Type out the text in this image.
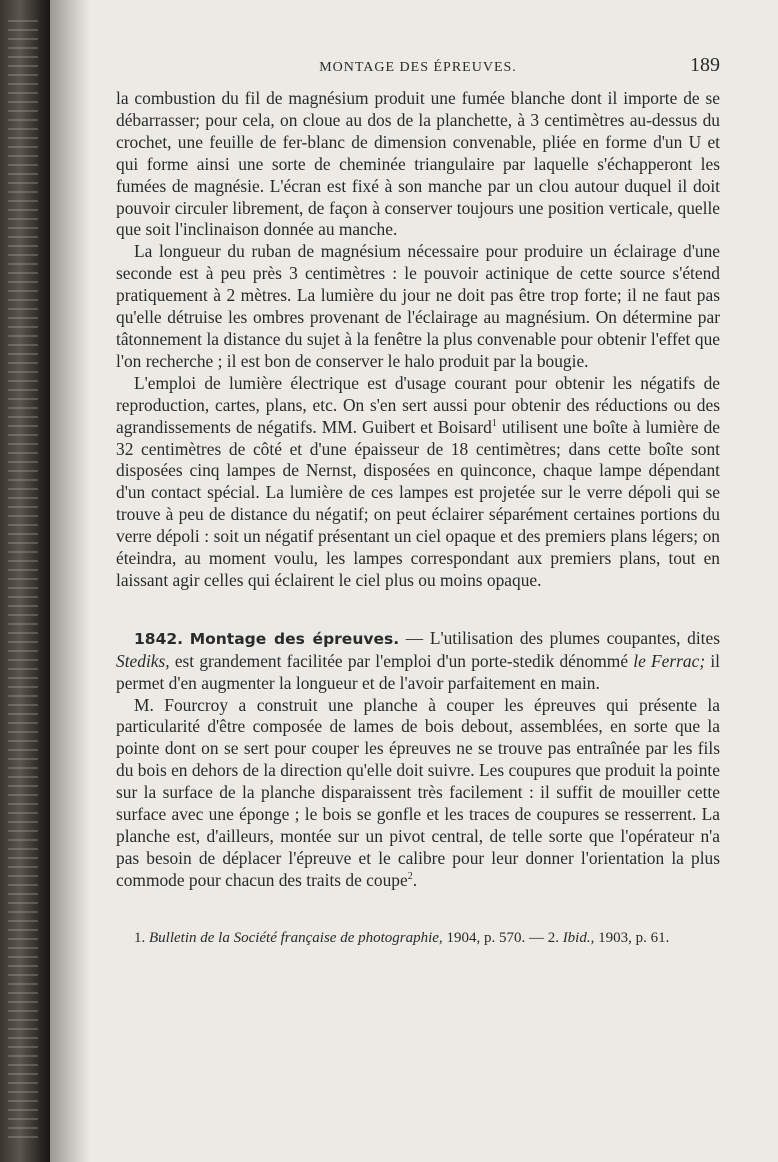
MONTAGE DES ÉPREUVES.	189

la combustion du fil de magnésium produit une fumée blanche dont il importe de se débarrasser; pour cela, on cloue au dos de la planchette, à 3 centimètres au-dessus du crochet, une feuille de fer-blanc de dimension convenable, pliée en forme d'un U et qui forme ainsi une sorte de cheminée triangulaire par laquelle s'échapperont les fumées de magnésie. L'écran est fixé à son manche par un clou autour duquel il doit pouvoir circuler librement, de façon à conserver toujours une position verticale, quelle que soit l'inclinaison donnée au manche.

La longueur du ruban de magnésium nécessaire pour produire un éclairage d'une seconde est à peu près 3 centimètres : le pouvoir actinique de cette source s'étend pratiquement à 2 mètres. La lumière du jour ne doit pas être trop forte; il ne faut pas qu'elle détruise les ombres provenant de l'éclairage au magnésium. On détermine par tâtonnement la distance du sujet à la fenêtre la plus convenable pour obtenir l'effet que l'on recherche ; il est bon de conserver le halo produit par la bougie.

L'emploi de lumière électrique est d'usage courant pour obtenir les négatifs de reproduction, cartes, plans, etc. On s'en sert aussi pour obtenir des réductions ou des agrandissements de négatifs. MM. Guibert et Boisard$^1$ utilisent une boîte à lumière de 32 centimètres de côté et d'une épaisseur de 18 centimètres; dans cette boîte sont disposées cinq lampes de Nernst, disposées en quinconce, chaque lampe dépendant d'un contact spécial. La lumière de ces lampes est projetée sur le verre dépoli qui se trouve à peu de distance du négatif; on peut éclairer séparément certaines portions du verre dépoli : soit un négatif présentant un ciel opaque et des premiers plans légers; on éteindra, au moment voulu, les lampes correspondant aux premiers plans, tout en laissant agir celles qui éclairent le ciel plus ou moins opaque.

1842. Montage des épreuves. — L'utilisation des plumes coupantes, dites Stediks, est grandement facilitée par l'emploi d'un porte-stedik dénommé le Ferrac; il permet d'en augmenter la longueur et de l'avoir parfaitement en main.

M. Fourcroy a construit une planche à couper les épreuves qui présente la particularité d'être composée de lames de bois debout, assemblées, en sorte que la pointe dont on se sert pour couper les épreuves ne se trouve pas entraînée par les fils du bois en dehors de la direction qu'elle doit suivre. Les coupures que produit la pointe sur la surface de la planche disparaissent très facilement : il suffit de mouiller cette surface avec une éponge ; le bois se gonfle et les traces de coupures se resserrent. La planche est, d'ailleurs, montée sur un pivot central, de telle sorte que l'opérateur n'a pas besoin de déplacer l'épreuve et le calibre pour leur donner l'orientation la plus commode pour chacun des traits de coupe$^2$.

1. Bulletin de la Société française de photographie, 1904, p. 570. — 2. Ibid., 1903, p. 61.
